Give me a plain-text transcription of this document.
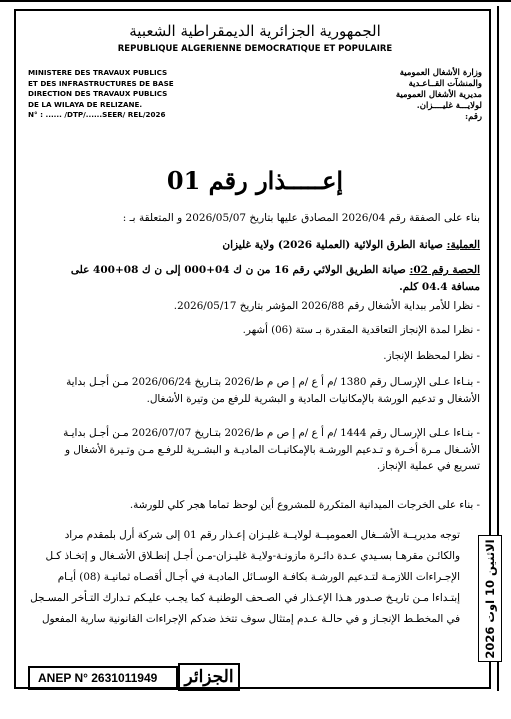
الجمهورية الجزائرية الديمقراطية الشعبية
REPUBLIQUE ALGERIENNE DEMOCRATIQUE ET POPULAIRE
MINISTERE DES TRAVAUX PUBLICS
ET DES INFRASTRUCTURES DE BASE
DIRECTION DES TRAVAUX PUBLICS
DE LA WILAYA DE RELIZANE.
N° : ...... /DTP/......SEER/ REL/2026
وزارة الأشغال العمومية
والمنشآت القــاعـدية
مديرية الأشغال العمومية
لولايـــة غليــــزان.
رقم:
إعـــــذار رقم 01
بناء على الصفقة رقم 2026/04 المصادق عليها بتاريخ 2026/05/07 و المتعلقة بـ :
العملية: صيانة الطرق الولائية (العملية 2026) ولاية غليزان
الحصة رقم 02: صيانة الطريق الولائي رقم 16 من ن ك 04+000 إلى ن ك 08+400 على مسافة 04.4 كلم.
- نظرا للأمر ببداية الأشغال رقم 2026/88 المؤشر بتاريخ 2026/05/17.
- نظرا لمدة الإنجاز التعاقدية المقدرة بـ ستة (06) أشهر.
- نظرا لمحظط الإنجاز.
- بنـاءا عـلى الإرسـال رقم 1380 /م أ ع /م إ ص م ط/2026 بتـاريخ 2026/06/24 مـن أجـل بداية الأشغال و تدعيم الورشة بالإمكانيات المادية و البشرية للرفع من وتيرة الأشغال.
- بنـاءا عـلى الإرسـال رقم 1444 /م أ ع /م إ ص م ط/2026 بتـاريخ 2026/07/07 مـن أجـل بدايـة الأشـغال مـرة أخـرة و تـدعيم الورشـة بالإمكانيـات الماديـة و البشـرية للرفـع مـن وتـيرة الأشغال و تسريع في عملية الإنجاز.
- بناء على الخرجات الميدانية المتكررة للمشروع أين لوحظ تماما هجر كلي للورشة.
توجه مديريــة الأشــغال العموميــة لولايــة غليـزان إعـذار رقم 01 إلى شركة أرل بلمقدم مراد والكائـن مقرهـا بسـيدي عـدة دائـرة مازونـة-ولايـة غليـزان-مـن أجـل إنطـلاق الأشـغال و إتخـاذ كـل الإجـراءات اللازمـة لتـدعيم الورشـة بكافـة الوسـائل الماديـة في أجـال أقصـاه ثمانيـة (08) أيـام إبتـداءا مـن تاريـخ صـدور هـذا الإعـذار في الصـحف الوطنيـة كما يجـب عليـكم تـدارك التـأخر المسـجل في المخطـط الإنجـاز و في حالـة عـدم إمتثال سوف تتخذ ضدكم الإجراءات القانونية سارية المفعول
الاثنين 10 اوت 2026
ANEP N° 2631011949	الجزائر
